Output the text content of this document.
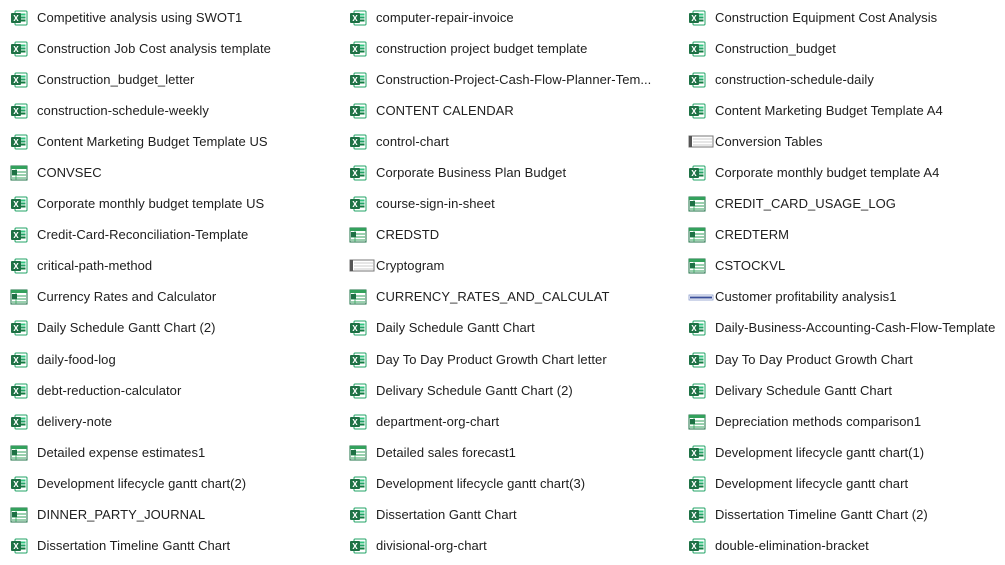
Competitive analysis using SWOT1
Construction Job Cost analysis template
Construction_budget_letter
construction-schedule-weekly
Content Marketing Budget Template US
CONVSEC
Corporate monthly budget template US
Credit-Card-Reconciliation-Template
critical-path-method
Currency Rates and Calculator
Daily Schedule Gantt Chart (2)
daily-food-log
debt-reduction-calculator
delivery-note
Detailed expense estimates1
Development lifecycle gantt chart(2)
DINNER_PARTY_JOURNAL
Dissertation Timeline Gantt Chart
computer-repair-invoice
construction project budget template
Construction-Project-Cash-Flow-Planner-Tem...
CONTENT CALENDAR
control-chart
Corporate Business Plan Budget
course-sign-in-sheet
CREDSTD
Cryptogram
CURRENCY_RATES_AND_CALCULAT
Daily Schedule Gantt Chart
Day To Day Product Growth Chart letter
Delivary Schedule Gantt Chart (2)
department-org-chart
Detailed sales forecast1
Development lifecycle gantt chart(3)
Dissertation Gantt Chart
divisional-org-chart
Construction Equipment Cost Analysis
Construction_budget
construction-schedule-daily
Content Marketing Budget Template A4
Conversion Tables
Corporate monthly budget template A4
CREDIT_CARD_USAGE_LOG
CREDTERM
CSTOCKVL
Customer profitability analysis1
Daily-Business-Accounting-Cash-Flow-Template
Day To Day Product Growth Chart
Delivary Schedule Gantt Chart
Depreciation methods comparison1
Development lifecycle gantt chart(1)
Development lifecycle gantt chart
Dissertation Timeline Gantt Chart (2)
double-elimination-bracket
